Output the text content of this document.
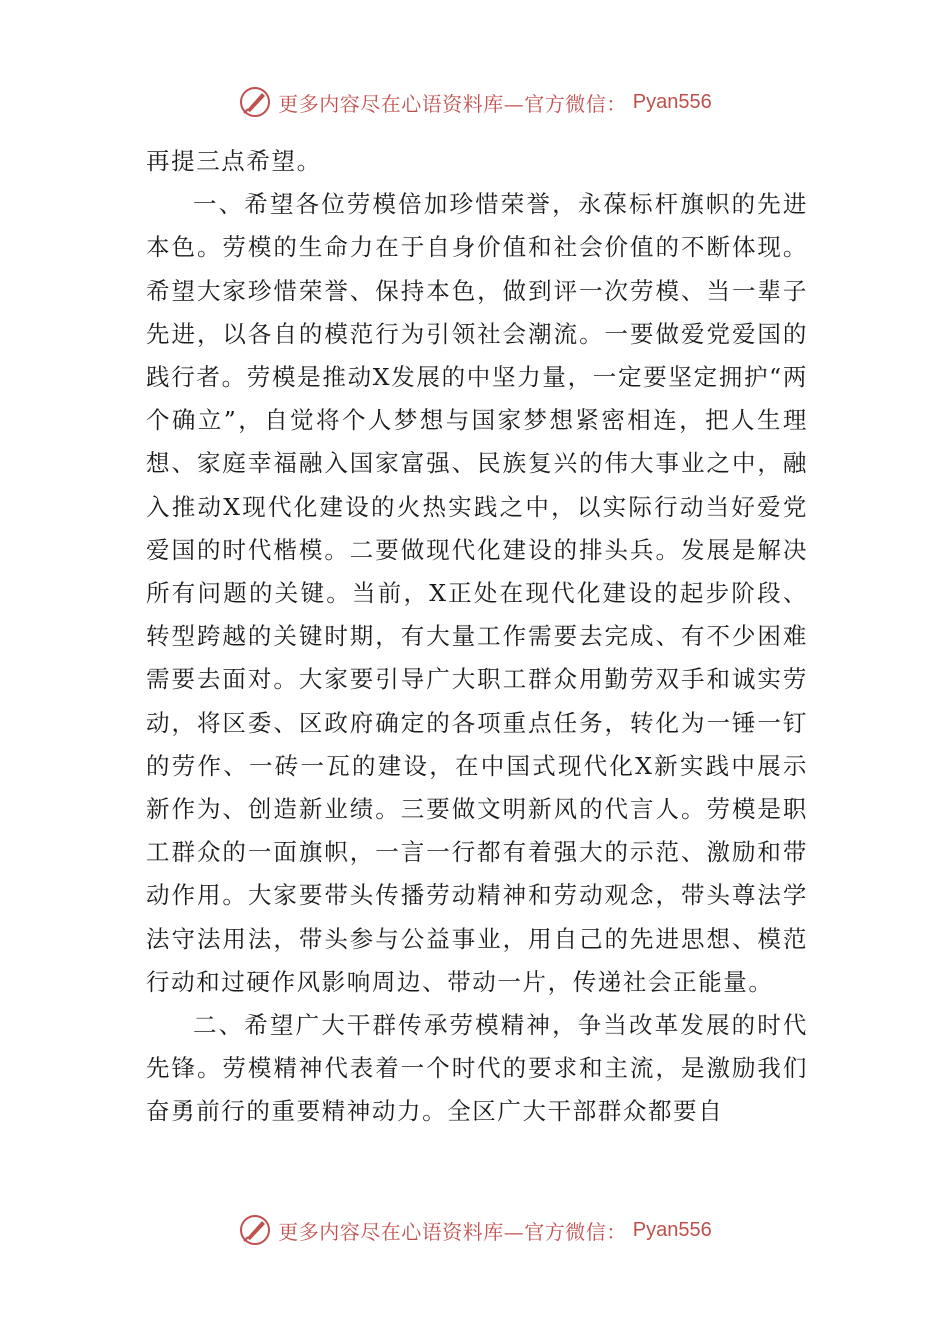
更多内容尽在心语资料库—官方微信： Pyan556

再提三点希望。

一、希望各位劳模倍加珍惜荣誉，永葆标杆旗帜的先进本色。劳模的生命力在于自身价值和社会价值的不断体现。希望大家珍惜荣誉、保持本色，做到评一次劳模、当一辈子先进，以各自的模范行为引领社会潮流。一要做爱党爱国的践行者。劳模是推动X发展的中坚力量，一定要坚定拥护“两个确立”，自觉将个人梦想与国家梦想紧密相连，把人生理想、家庭幸福融入国家富强、民族复兴的伟大事业之中，融入推动X现代化建设的火热实践之中，以实际行动当好爱党爱国的时代楷模。二要做现代化建设的排头兵。发展是解决所有问题的关键。当前，X正处在现代化建设的起步阶段、转型跨越的关键时期，有大量工作需要去完成、有不少困难需要去面对。大家要引导广大职工群众用勤劳双手和诚实劳动，将区委、区政府确定的各项重点任务，转化为一锤一钉的劳作、一砖一瓦的建设，在中国式现代化X新实践中展示新作为、创造新业绩。三要做文明新风的代言人。劳模是职工群众的一面旗帜，一言一行都有着强大的示范、激励和带动作用。大家要带头传播劳动精神和劳动观念，带头尊法学法守法用法，带头参与公益事业，用自己的先进思想、模范行动和过硬作风影响周边、带动一片，传递社会正能量。

二、希望广大干群传承劳模精神，争当改革发展的时代先锋。劳模精神代表着一个时代的要求和主流，是激励我们奋勇前行的重要精神动力。全区广大干部群众都要自

更多内容尽在心语资料库—官方微信： Pyan556
